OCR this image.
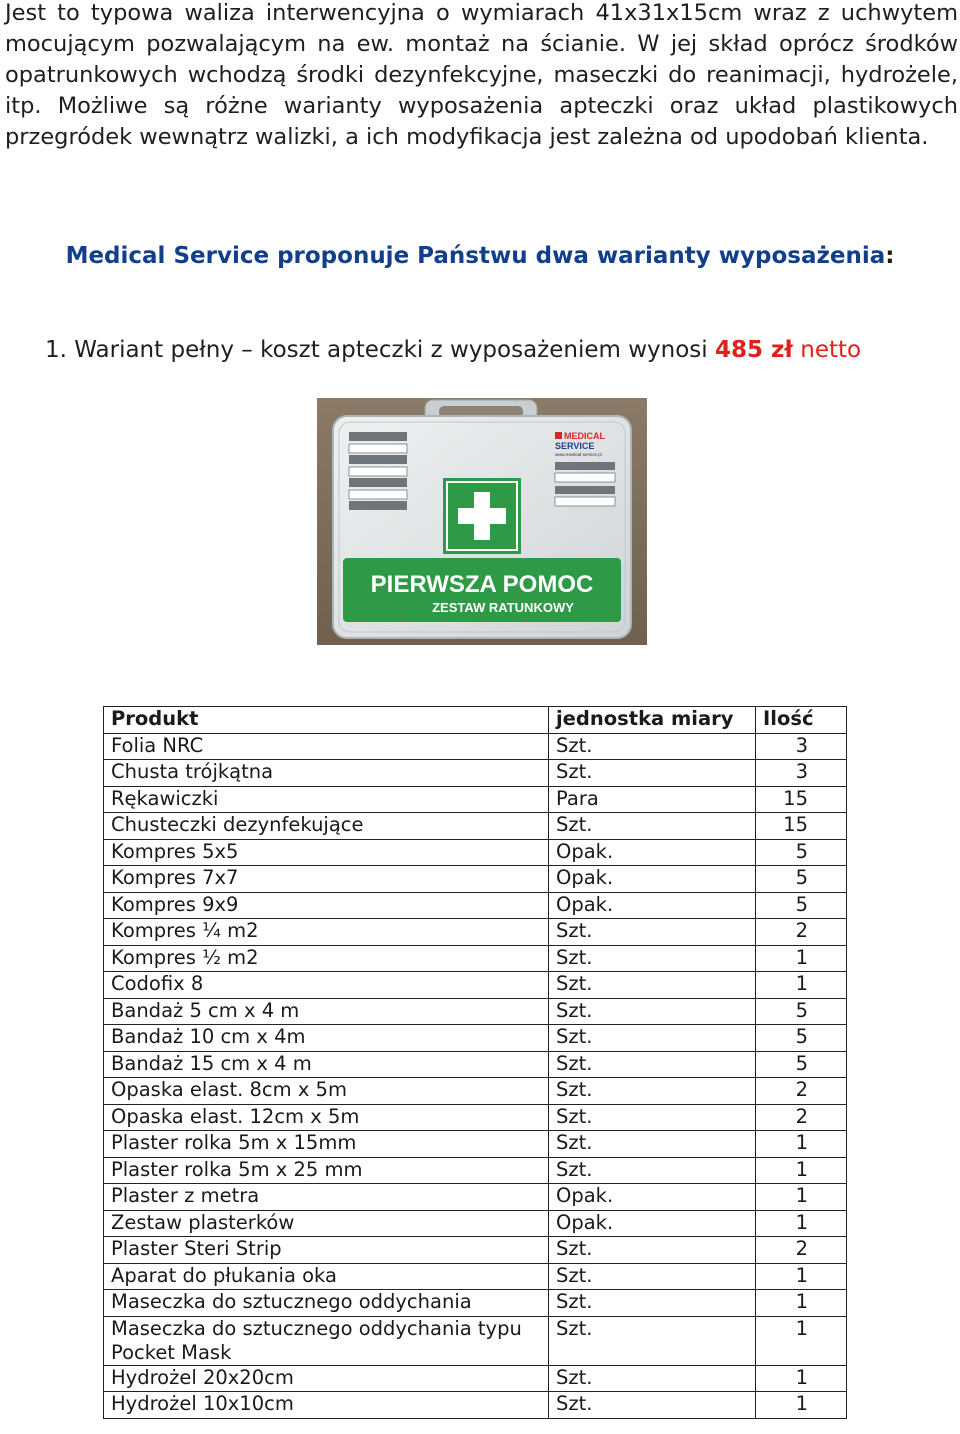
Jest to typowa waliza interwencyjna o wymiarach 41x31x15cm wraz z uchwytem mocującym pozwalającym na ew. montaż na ścianie. W jej skład oprócz środków opatrunkowych wchodzą środki dezynfekcyjne, maseczki do reanimacji, hydrożele, itp. Możliwe są różne warianty wyposażenia apteczki oraz układ plastikowych przegródek wewnątrz walizki, a ich modyfikacja jest zależna od upodobań klienta.
Medical Service proponuje Państwu dwa warianty wyposażenia:
1. Wariant pełny – koszt apteczki z wyposażeniem wynosi 485 zł netto
MEDICAL
SERVICE
www.medical-service.pl
PIERWSZA POMOC
ZESTAW RATUNKOWY
Produkt	jednostka miary	Ilość
Folia NRC	Szt.	3
Chusta trójkątna	Szt.	3
Rękawiczki	Para	15
Chusteczki dezynfekujące	Szt.	15
Kompres 5x5	Opak.	5
Kompres 7x7	Opak.	5
Kompres 9x9	Opak.	5
Kompres ¼ m2	Szt.	2
Kompres ½ m2	Szt.	1
Codofix 8	Szt.	1
Bandaż 5 cm x 4 m	Szt.	5
Bandaż 10 cm x 4m	Szt.	5
Bandaż 15 cm x 4 m	Szt.	5
Opaska elast. 8cm x 5m	Szt.	2
Opaska elast. 12cm x 5m	Szt.	2
Plaster rolka 5m x 15mm	Szt.	1
Plaster rolka 5m x 25 mm	Szt.	1
Plaster z metra	Opak.	1
Zestaw plasterków	Opak.	1
Plaster Steri Strip	Szt.	2
Aparat do płukania oka	Szt.	1
Maseczka do sztucznego oddychania	Szt.	1
Maseczka do sztucznego oddychania typu Pocket Mask	Szt.	1
Hydrożel 20x20cm	Szt.	1
Hydrożel 10x10cm	Szt.	1
